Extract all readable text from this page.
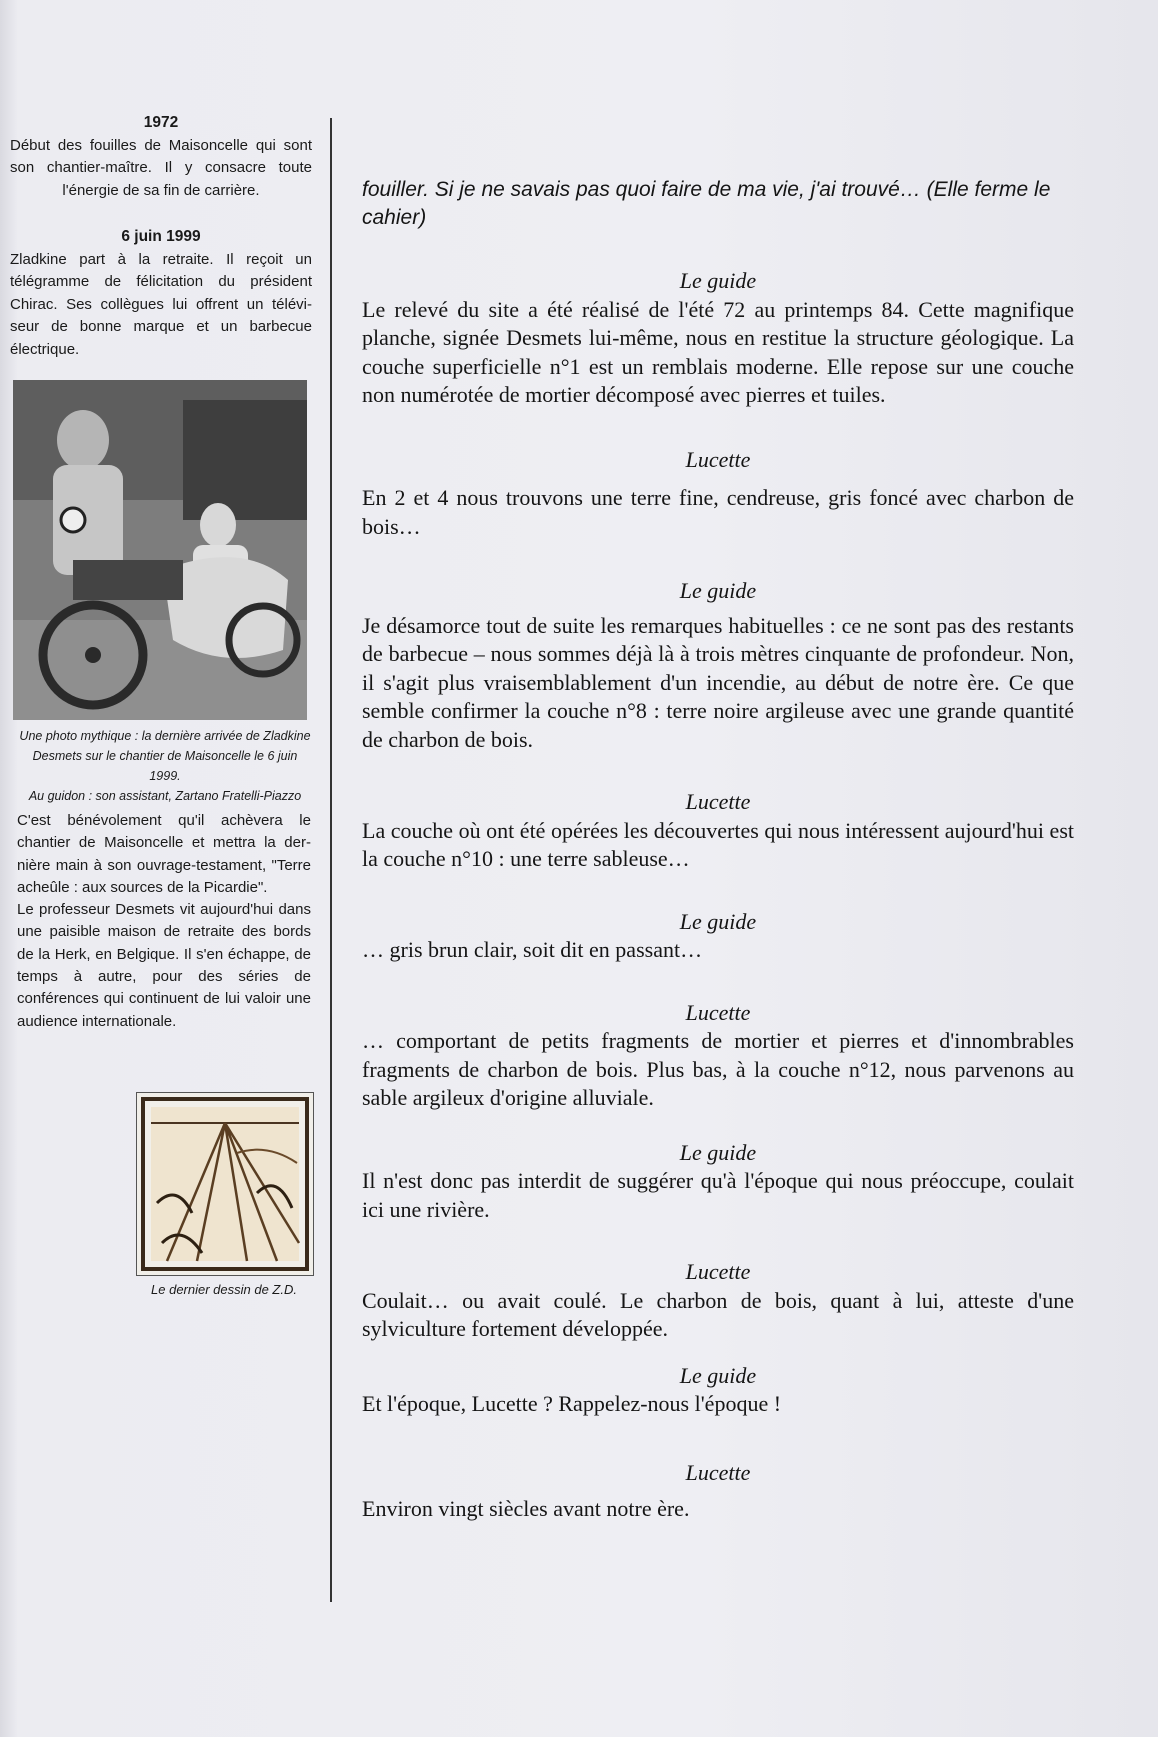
1972

Début des fouilles de Maisoncelle qui sont son chantier-maître. Il y consacre toute l'énergie de sa fin de carrière.

6 juin 1999

Zladkine part à la retraite. Il reçoit un télégramme de félicitation du président Chirac. Ses collègues lui offrent un télévi-seur de bonne marque et un barbecue électrique.

Une photo mythique : la dernière arrivée de Zladkine

Desmets sur le chantier de Maisoncelle le 6 juin 1999.

Au guidon : son assistant, Zartano Fratelli-Piazzo

C'est bénévolement qu'il achèvera le chantier de Maisoncelle et mettra la der-nière main à son ouvrage-testament, "Terre acheûle : aux sources de la Picardie".

Le professeur Desmets vit aujourd'hui dans une paisible maison de retraite des bords de la Herk, en Belgique. Il s'en échappe, de temps à autre, pour des séries de conférences qui continuent de lui valoir une audience internationale.

Le dernier dessin de Z.D.

fouiller. Si je ne savais pas quoi faire de ma vie, j'ai trouvé… (Elle ferme le cahier)

Le guide

Le relevé du site a été réalisé de l'été 72 au printemps 84. Cette magnifique planche, signée Desmets lui-même, nous en restitue la structure géologique. La couche superficielle n°1 est un remblais moderne. Elle repose sur une couche non numérotée de mortier décomposé avec pierres et tuiles.

Lucette

En 2 et 4 nous trouvons une terre fine, cendreuse, gris foncé avec charbon de bois…

Le guide

Je désamorce tout de suite les remarques habituelles : ce ne sont pas des restants de barbecue – nous sommes déjà là à trois mètres cinquante de profondeur. Non, il s'agit plus vraisemblablement d'un incendie, au début de notre ère. Ce que semble confirmer la couche n°8 : terre noire argileuse avec une grande quantité de charbon de bois.

Lucette

La couche où ont été opérées les découvertes qui nous intéressent aujourd'hui est la couche n°10 : une terre sableuse…

Le guide

… gris brun clair, soit dit en passant…

Lucette

… comportant de petits fragments de mortier et pierres et d'innombrables fragments de charbon de bois. Plus bas, à la couche n°12, nous parvenons au sable argileux d'origine alluviale.

Le guide

Il n'est donc pas interdit de suggérer qu'à l'époque qui nous préoccupe, coulait ici une rivière.

Lucette

Coulait… ou avait coulé. Le charbon de bois, quant à lui, atteste d'une sylviculture fortement développée.

Le guide

Et l'époque, Lucette ? Rappelez-nous l'époque !

Lucette

Environ vingt siècles avant notre ère.
